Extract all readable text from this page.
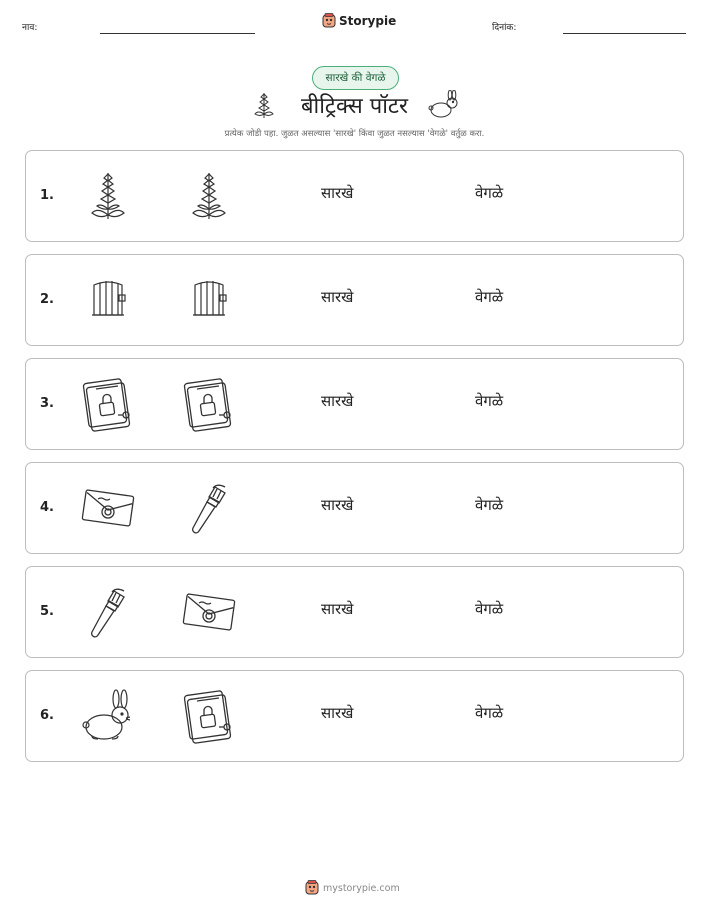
नाव:	Storypie	दिनांक:
सारखे की वेगळे
बीट्रिक्स पॉटर
प्रत्येक जोडी पहा. जुळत असल्यास 'सारखे' किंवा जुळत नसल्यास 'वेगळे' वर्तुळ करा.
1.	सारखे	वेगळे
2.	सारखे	वेगळे
3.	सारखे	वेगळे
4.	सारखे	वेगळे
5.	सारखे	वेगळे
6.	सारखे	वेगळे
mystorypie.com
